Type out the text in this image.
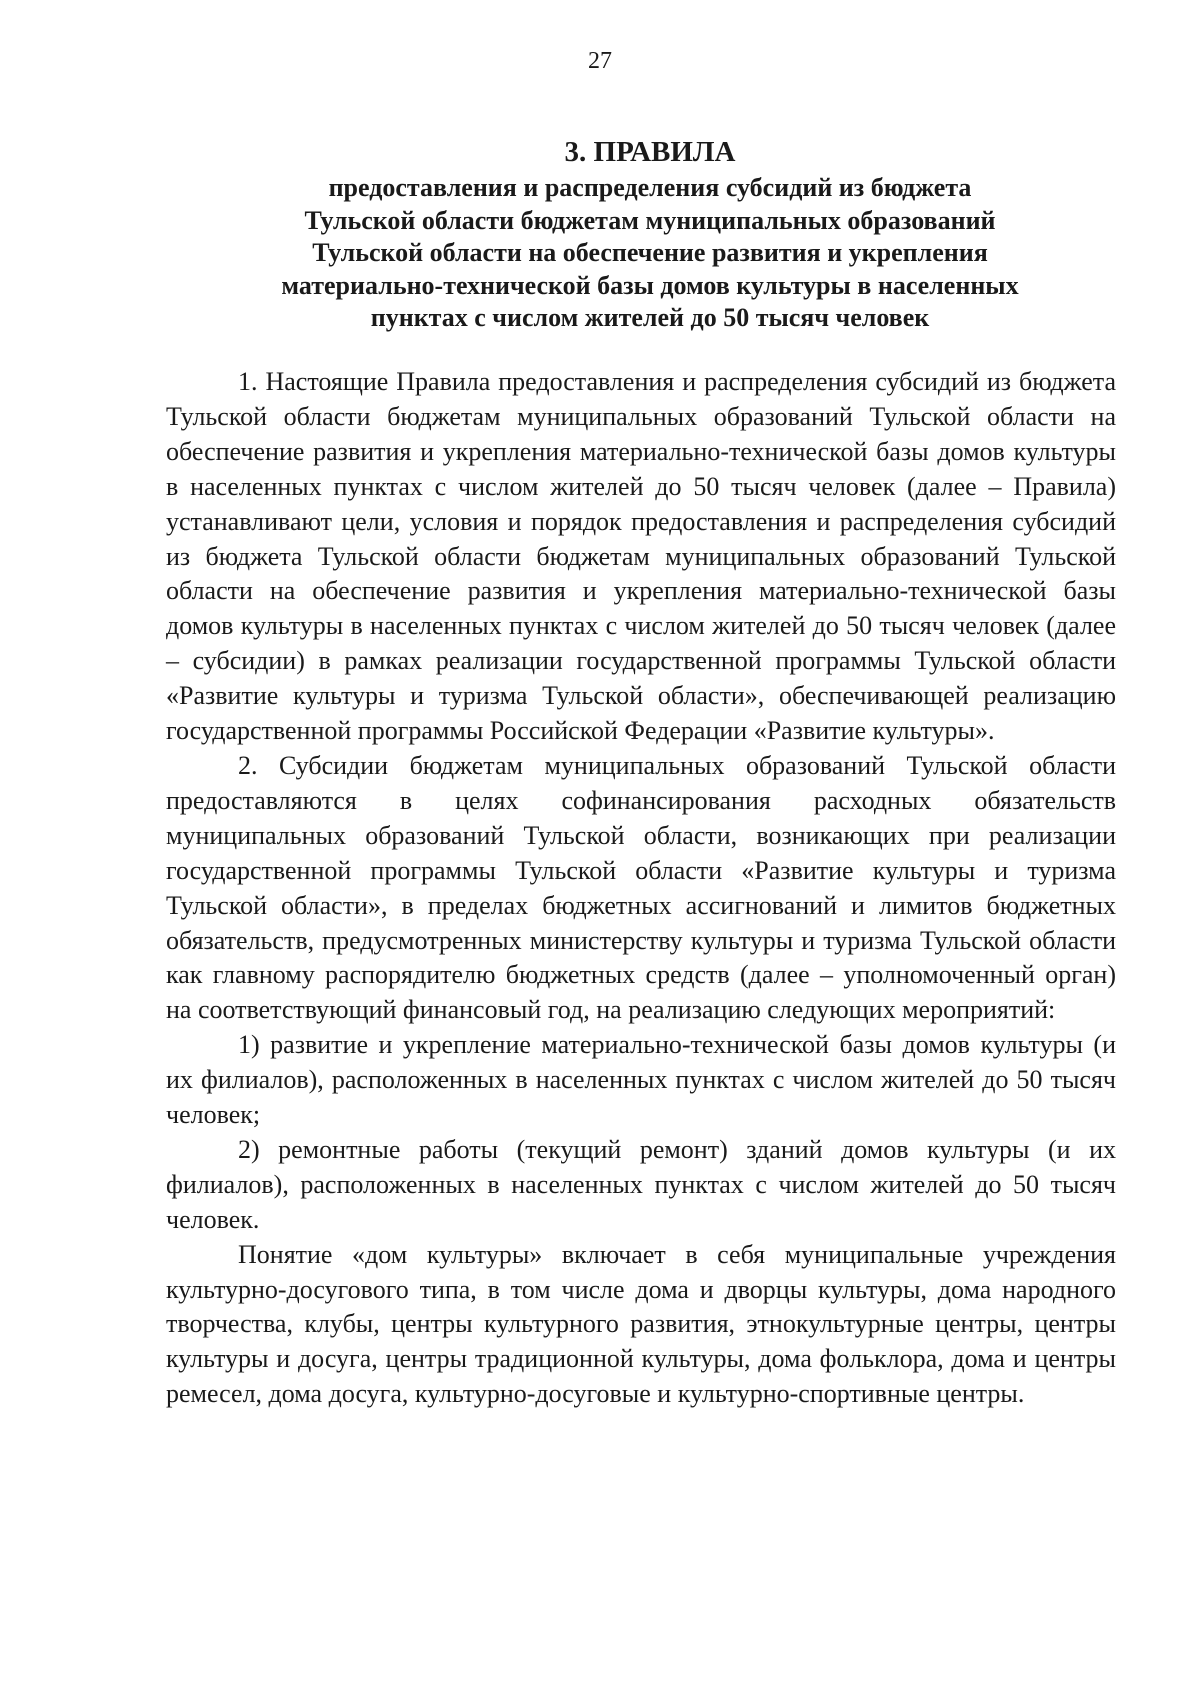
27
3. ПРАВИЛА
предоставления и распределения субсидий из бюджета
Тульской области бюджетам муниципальных образований
Тульской области на обеспечение развития и укрепления
материально-технической базы домов культуры в населенных
пунктах с числом жителей до 50 тысяч человек

1. Настоящие Правила предоставления и распределения субсидий из бюджета Тульской области бюджетам муниципальных образований Тульской области на обеспечение развития и укрепления материально-технической базы домов культуры в населенных пунктах с числом жителей до 50 тысяч человек (далее – Правила) устанавливают цели, условия и порядок предоставления и распределения субсидий из бюджета Тульской области бюджетам муниципальных образований Тульской области на обеспечение развития и укрепления материально-технической базы домов культуры в населенных пунктах с числом жителей до 50 тысяч человек (далее – субсидии) в рамках реализации государственной программы Тульской области «Развитие культуры и туризма Тульской области», обеспечивающей реализацию государственной программы Российской Федерации «Развитие культуры».

2. Субсидии бюджетам муниципальных образований Тульской области предоставляются в целях софинансирования расходных обязательств муниципальных образований Тульской области, возникающих при реализации государственной программы Тульской области «Развитие культуры и туризма Тульской области», в пределах бюджетных ассигнований и лимитов бюджетных обязательств, предусмотренных министерству культуры и туризма Тульской области как главному распорядителю бюджетных средств (далее – уполномоченный орган) на соответствующий финансовый год, на реализацию следующих мероприятий:

1) развитие и укрепление материально-технической базы домов культуры (и их филиалов), расположенных в населенных пунктах с числом жителей до 50 тысяч человек;

2) ремонтные работы (текущий ремонт) зданий домов культуры (и их филиалов), расположенных в населенных пунктах с числом жителей до 50 тысяч человек.

Понятие «дом культуры» включает в себя муниципальные учреждения культурно-досугового типа, в том числе дома и дворцы культуры, дома народного творчества, клубы, центры культурного развития, этнокультурные центры, центры культуры и досуга, центры традиционной культуры, дома фольклора, дома и центры ремесел, дома досуга, культурно-досуговые и культурно-спортивные центры.
